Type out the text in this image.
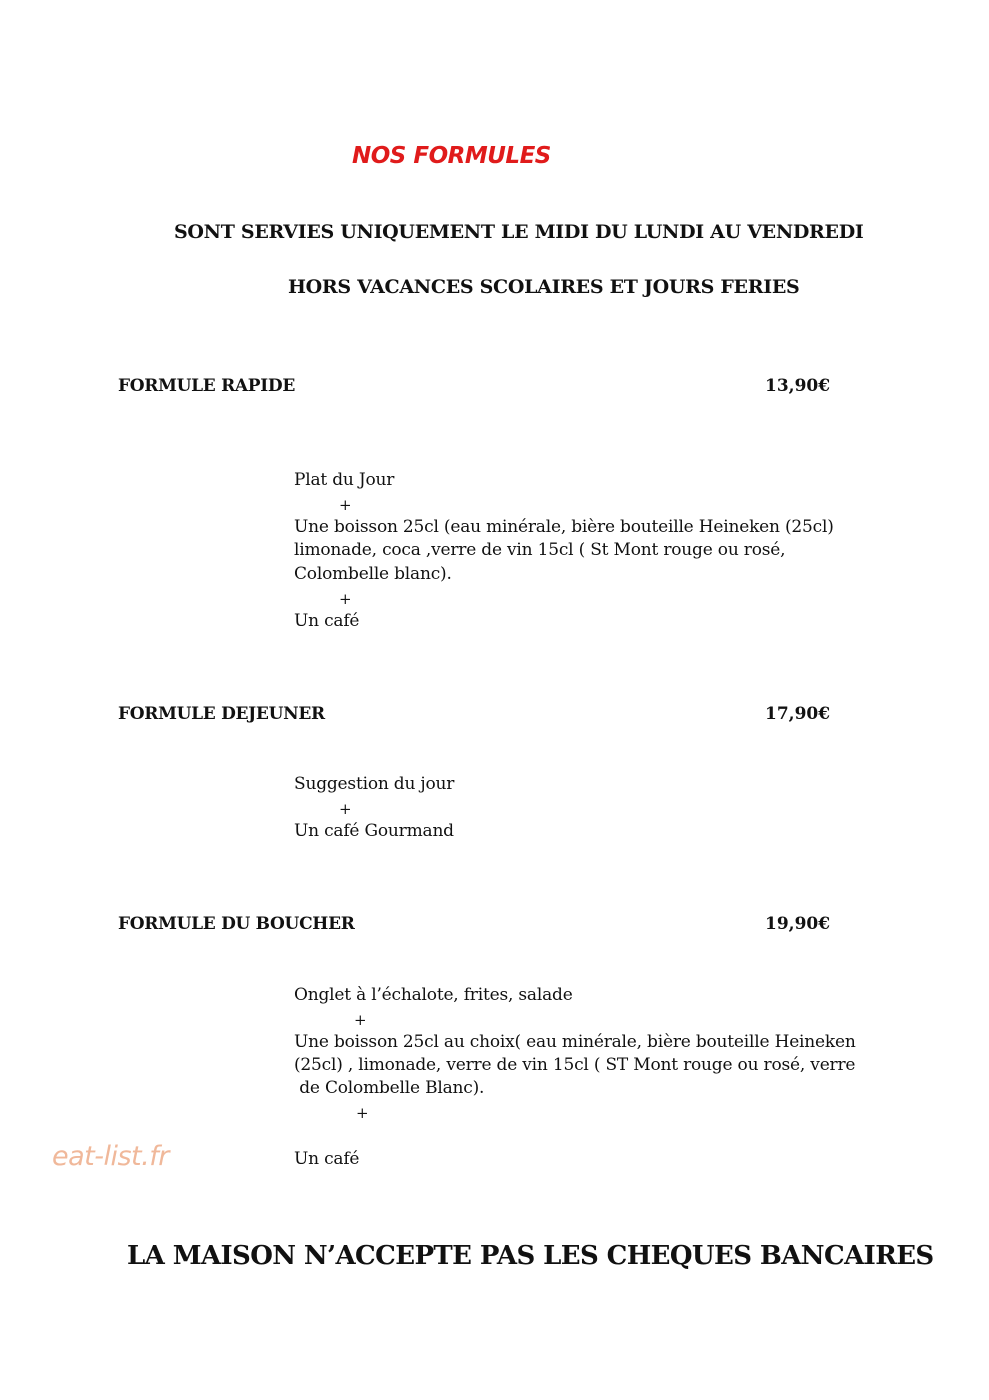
NOS FORMULES
SONT SERVIES UNIQUEMENT LE MIDI DU LUNDI AU VENDREDI
HORS VACANCES SCOLAIRES ET JOURS FERIES
FORMULE RAPIDE	13,90€
Plat du Jour
+
Une boisson 25cl (eau minérale, bière bouteille Heineken (25cl)
limonade, coca ,verre de vin 15cl ( St Mont rouge ou rosé,
Colombelle blanc).
+
Un café
FORMULE DEJEUNER	17,90€
Suggestion du jour
+
Un café Gourmand
FORMULE DU BOUCHER	19,90€
Onglet à l’échalote, frites, salade
+
Une boisson 25cl au choix( eau minérale, bière bouteille Heineken
(25cl) , limonade, verre de vin 15cl ( ST Mont rouge ou rosé, verre
de Colombelle Blanc).
+
Un café
eat-list.fr
LA MAISON N’ACCEPTE PAS LES CHEQUES BANCAIRES
